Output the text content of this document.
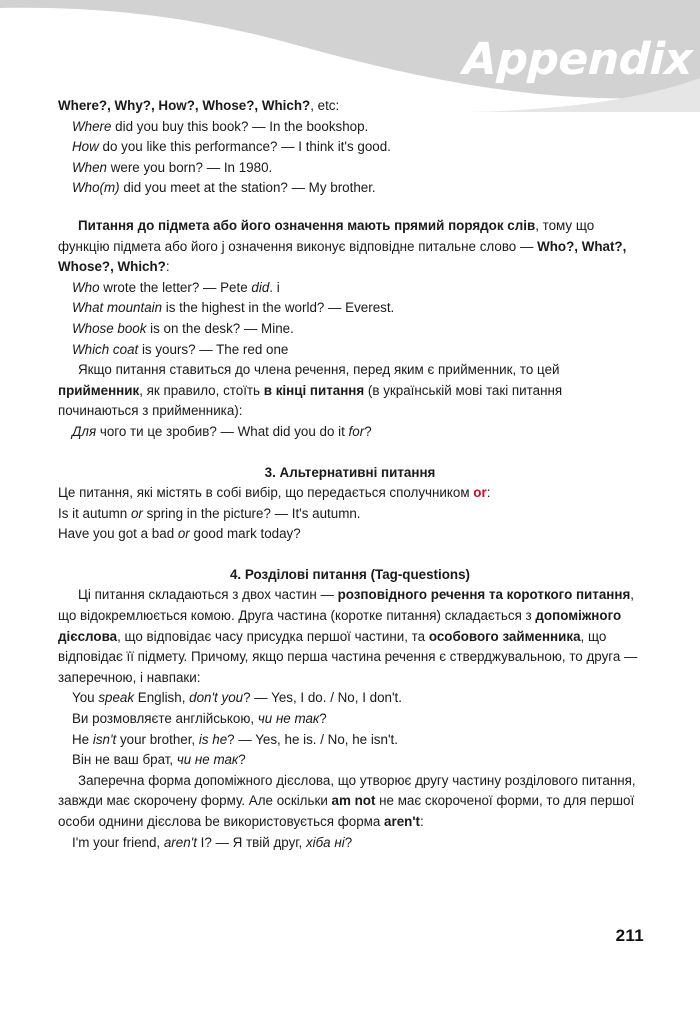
Appendix

Where?, Why?, How?, Whose?, Which?, etc:

Where did you buy this book? — In the bookshop.

How do you like this performance? — I think it's good.

When were you born? — In 1980.

Who(m) did you meet at the station? — My brother.

Питання до підмета або його означення мають прямий порядок слів, тому що функцію підмета або його j означення виконує відповідне питальне слово — Who?, What?, Whose?, Which?:

Who wrote the letter? — Pete did. i

What mountain is the highest in the world? — Everest.

Whose book is on the desk? — Mine.

Which coat is yours? — The red one

Якщо питання ставиться до члена речення, перед яким є прийменник, то цей прийменник, як правило, стоїть в кінці питання (в українській мові такі питання починаються з прийменника):

Для чого ти це зробив? — What did you do it for?

3. Альтернативні питання

Це питання, які містять в собі вибір, що передається сполучником or:

Is it autumn or spring in the picture? — It's autumn.

Have you got a bad or good mark today?

4. Розділові питання (Tag-questions)

Ці питання складаються з двох частин — розповідного речення та короткого питання, що відокремлюється комою. Друга частина (коротке питання) складається з допоміжного дієслова, що відповідає часу присудка першої частини, та особового займенника, що відповідає її підмету. Причому, якщо перша частина речення є стверджувальною, то друга — заперечною, і навпаки:

You speak English, don't you? — Yes, I do. / No, I don't.

Ви розмовляєте англійською, чи не так?

He isn't your brother, is he? — Yes, he is. / No, he isn't.

Він не ваш брат, чи не так?

Заперечна форма допоміжного дієслова, що утворює другу частину розділового питання, завжди має скорочену форму. Але оскільки am not не має скороченої форми, то для першої особи однини дієслова be використовується форма aren't:

I'm your friend, aren't I? — Я твій друг, хіба ні?

211
